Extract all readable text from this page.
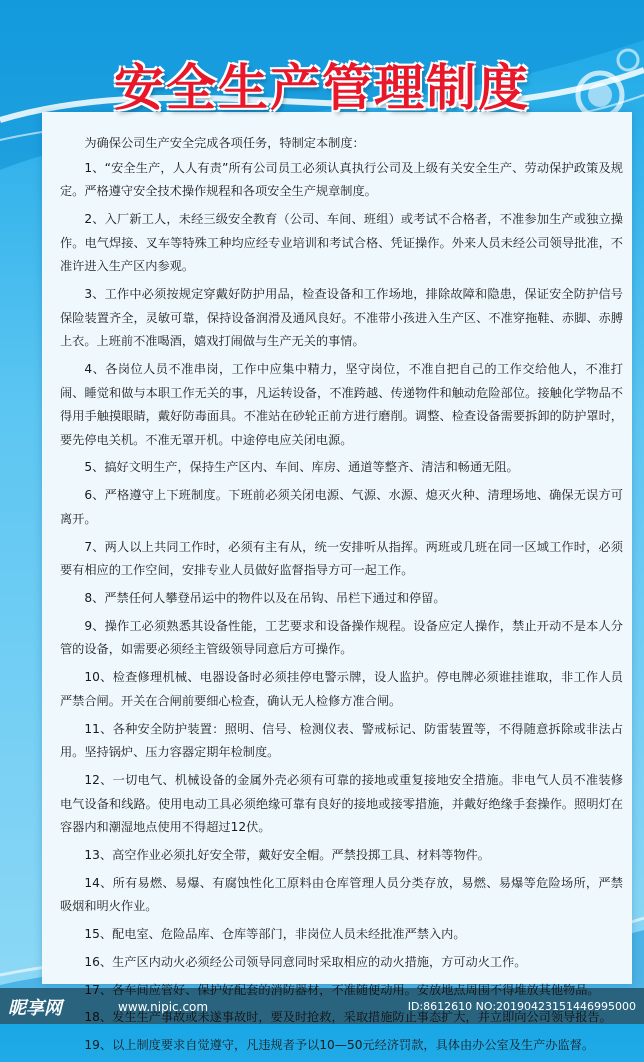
安全生产管理制度

为确保公司生产安全完成各项任务，特制定本制度：

1、“安全生产，人人有责”所有公司员工必须认真执行公司及上级有关安全生产、劳动保护政策及规定。严格遵守安全技术操作规程和各项安全生产规章制度。

2、入厂新工人，未经三级安全教育（公司、车间、班组）或考试不合格者，不准参加生产或独立操作。电气焊接、叉车等特殊工种均应经专业培训和考试合格、凭证操作。外来人员未经公司领导批准，不准许进入生产区内参观。

3、工作中必须按规定穿戴好防护用品，检查设备和工作场地，排除故障和隐患，保证安全防护信号保险装置齐全，灵敏可靠，保持设备润滑及通风良好。不准带小孩进入生产区、不准穿拖鞋、赤脚、赤膊上衣。上班前不准喝酒，嬉戏打闹做与生产无关的事情。

4、各岗位人员不准串岗，工作中应集中精力，坚守岗位，不准自把自己的工作交给他人，不准打闹、睡觉和做与本职工作无关的事，凡运转设备，不准跨越、传递物件和触动危险部位。接触化学物品不得用手触摸眼睛，戴好防毒面具。不准站在砂轮正前方进行磨削。调整、检查设备需要拆卸的防护罩时，要先停电关机。不准无罩开机。中途停电应关闭电源。

5、搞好文明生产，保持生产区内、车间、库房、通道等整齐、清洁和畅通无阻。

6、严格遵守上下班制度。下班前必须关闭电源、气源、水源、熄灭火种、清理场地、确保无误方可离开。

7、两人以上共同工作时，必须有主有从，统一安排听从指挥。两班或几班在同一区域工作时，必须要有相应的工作空间，安排专业人员做好监督指导方可一起工作。

8、严禁任何人攀登吊运中的物件以及在吊钩、吊栏下通过和停留。

9、操作工必须熟悉其设备性能，工艺要求和设备操作规程。设备应定人操作，禁止开动不是本人分管的设备，如需要必须经主管级领导同意后方可操作。

10、检查修理机械、电器设备时必须挂停电警示牌，设人监护。停电牌必须谁挂谁取，非工作人员严禁合闸。开关在合闸前要细心检查，确认无人检修方准合闸。

11、各种安全防护装置：照明、信号、检测仪表、警戒标记、防雷装置等，不得随意拆除或非法占用。坚持锅炉、压力容器定期年检制度。

12、一切电气、机械设备的金属外壳必须有可靠的接地或重复接地安全措施。非电气人员不准装修电气设备和线路。使用电动工具必须绝缘可靠有良好的接地或接零措施，并戴好绝缘手套操作。照明灯在容器内和潮湿地点使用不得超过12伏。

13、高空作业必须扎好安全带，戴好安全帽。严禁投掷工具、材料等物件。

14、所有易燃、易爆、有腐蚀性化工原料由仓库管理人员分类存放，易燃、易爆等危险场所，严禁吸烟和明火作业。

15、配电室、危险品库、仓库等部门，非岗位人员未经批准严禁入内。

16、生产区内动火必须经公司领导同意同时采取相应的动火措施，方可动火工作。

17、各车间应管好、保护好配套的消防器材，不准随便动用。安放地点周围不得堆放其他物品。

18、发生生产事故或未遂事故时，要及时抢救，采取措施防止事态扩大，并立即向公司领导报告。

19、以上制度要求自觉遵守，凡违规者予以10—50元经济罚款，具体由办公室及生产办监督。

昵享网	www.nipic.com	ID:8612610 NO:20190423151446995000
